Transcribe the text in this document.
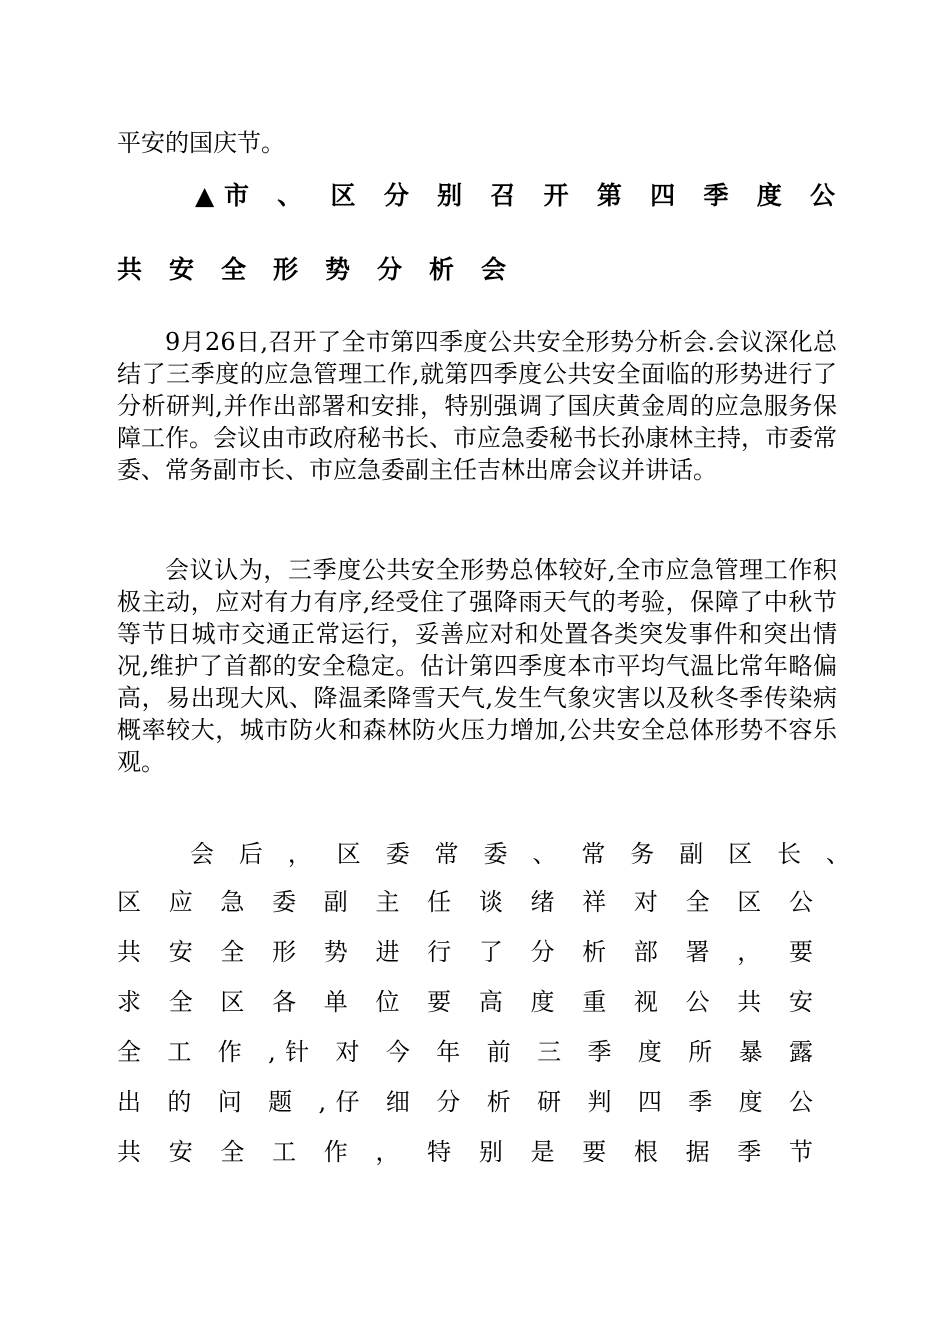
平安的国庆节。
▲市 、 区 分 别 召 开 第 四 季 度 公
共安全形势分析会

9月26日,召开了全市第四季度公共安全形势分析会.会议深化总结了三季度的应急管理工作,就第四季度公共安全面临的形势进行了分析研判,并作出部署和安排，特别强调了国庆黄金周的应急服务保障工作。会议由市政府秘书长、市应急委秘书长孙康林主持，市委常委、常务副市长、市应急委副主任吉林出席会议并讲话。

会议认为，三季度公共安全形势总体较好,全市应急管理工作积极主动，应对有力有序,经受住了强降雨天气的考验，保障了中秋节等节日城市交通正常运行，妥善应对和处置各类突发事件和突出情况,维护了首都的安全稳定。估计第四季度本市平均气温比常年略偏高，易出现大风、降温柔降雪天气,发生气象灾害以及秋冬季传染病概率较大，城市防火和森林防火压力增加,公共安全总体形势不容乐观。

会 后 ， 区 委 常 委 、 常 务 副 区 长 、
区 应 急 委 副 主 任 谈 绪 祥 对 全 区 公
共 安 全 形 势 进 行 了 分 析 部 署 ， 要
求 全 区 各 单 位 要 高 度 重 视 公 共 安
全 工 作 ,针 对 今 年 前 三 季 度 所 暴 露
出 的 问 题 ,仔 细 分 析 研 判 四 季 度 公
共 安 全 工 作 ， 特 别 是 要 根 据 季 节
